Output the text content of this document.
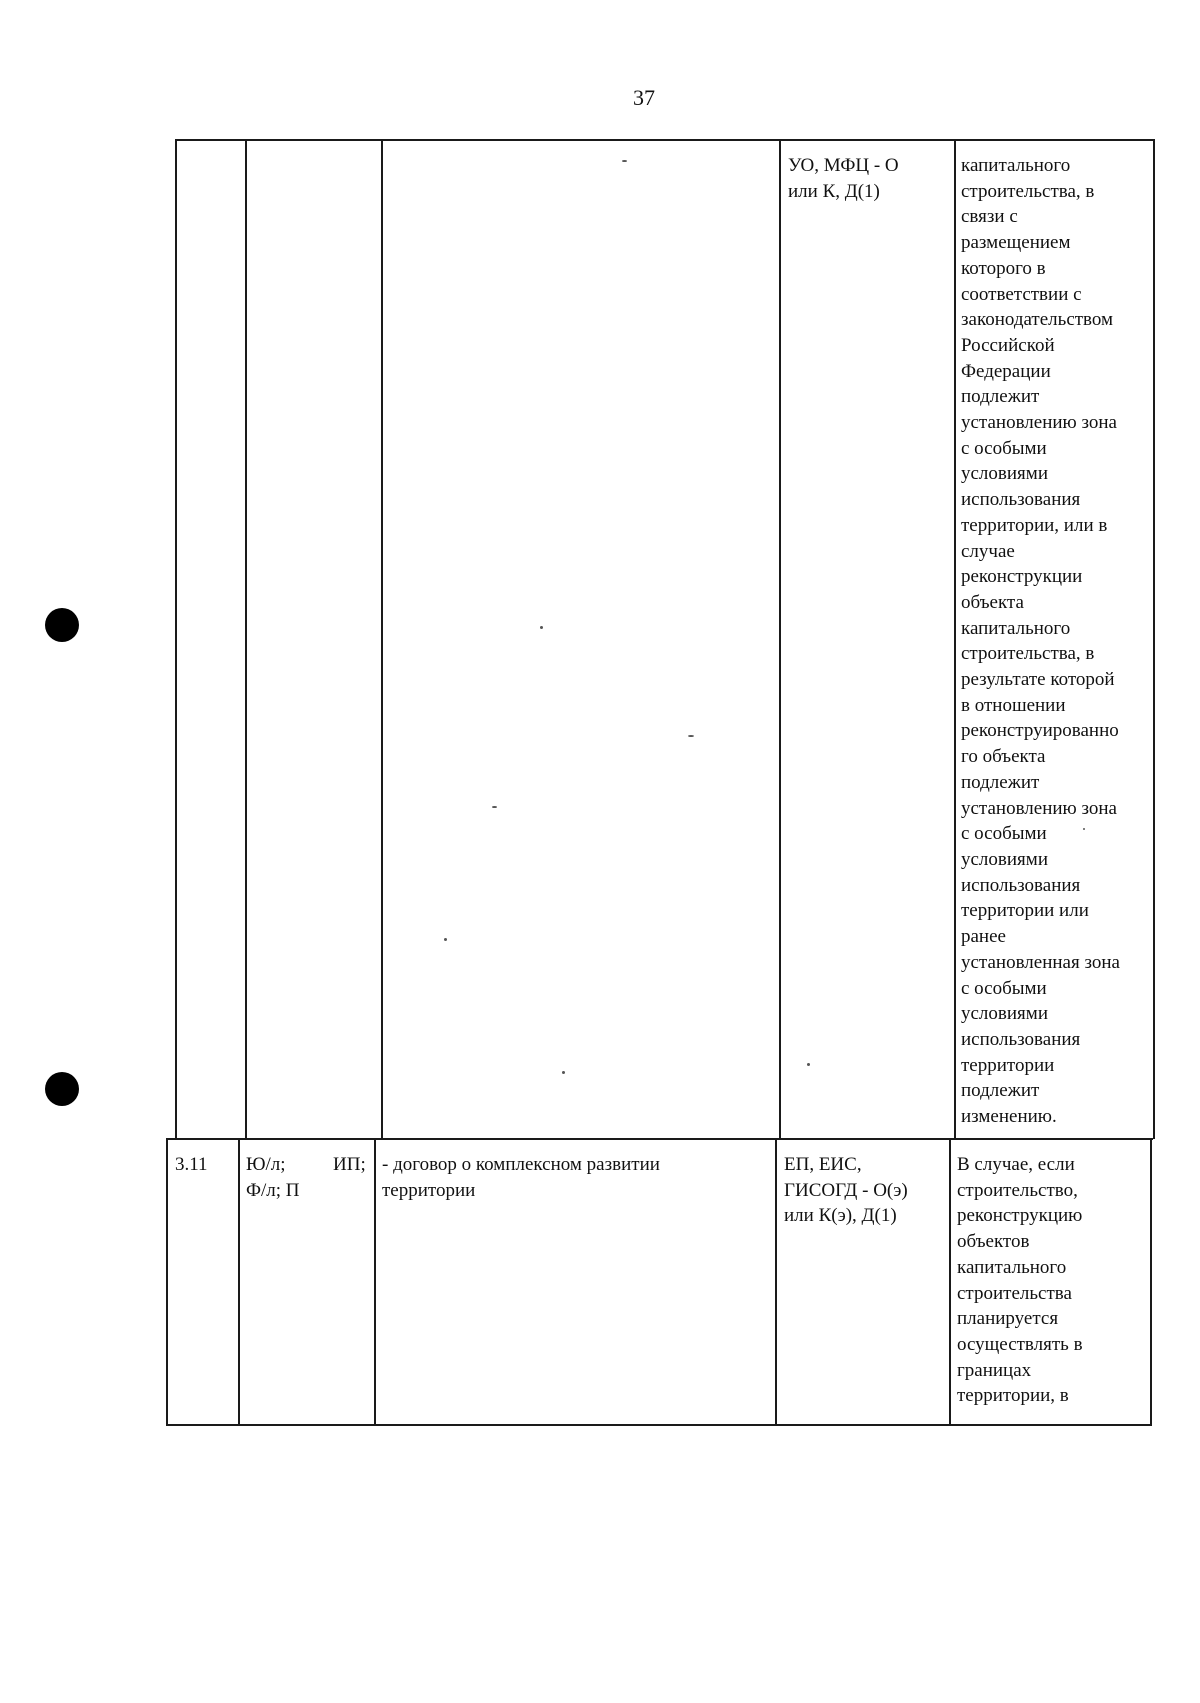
37
УО, МФЦ - О
или К, Д(1)
капитального
строительства, в
связи с
размещением
которого в
соответствии с
законодательством
Российской
Федерации
подлежит
установлению зона
с особыми
условиями
использования
территории, или в
случае
реконструкции
объекта
капитального
строительства, в
результате которой
в отношении
реконструированно
го объекта
подлежит
установлению зона
с особыми
условиями
использования
территории или
ранее
установленная зона
с особыми
условиями
использования
территории
подлежит
изменению.
3.11	Ю/л; ИП;
Ф/л; П
- договор о комплексном развитии
территории
ЕП, ЕИС,
ГИСОГД - О(э)
или К(э), Д(1)
В случае, если
строительство,
реконструкцию
объектов
капитального
строительства
планируется
осуществлять в
границах
территории, в
